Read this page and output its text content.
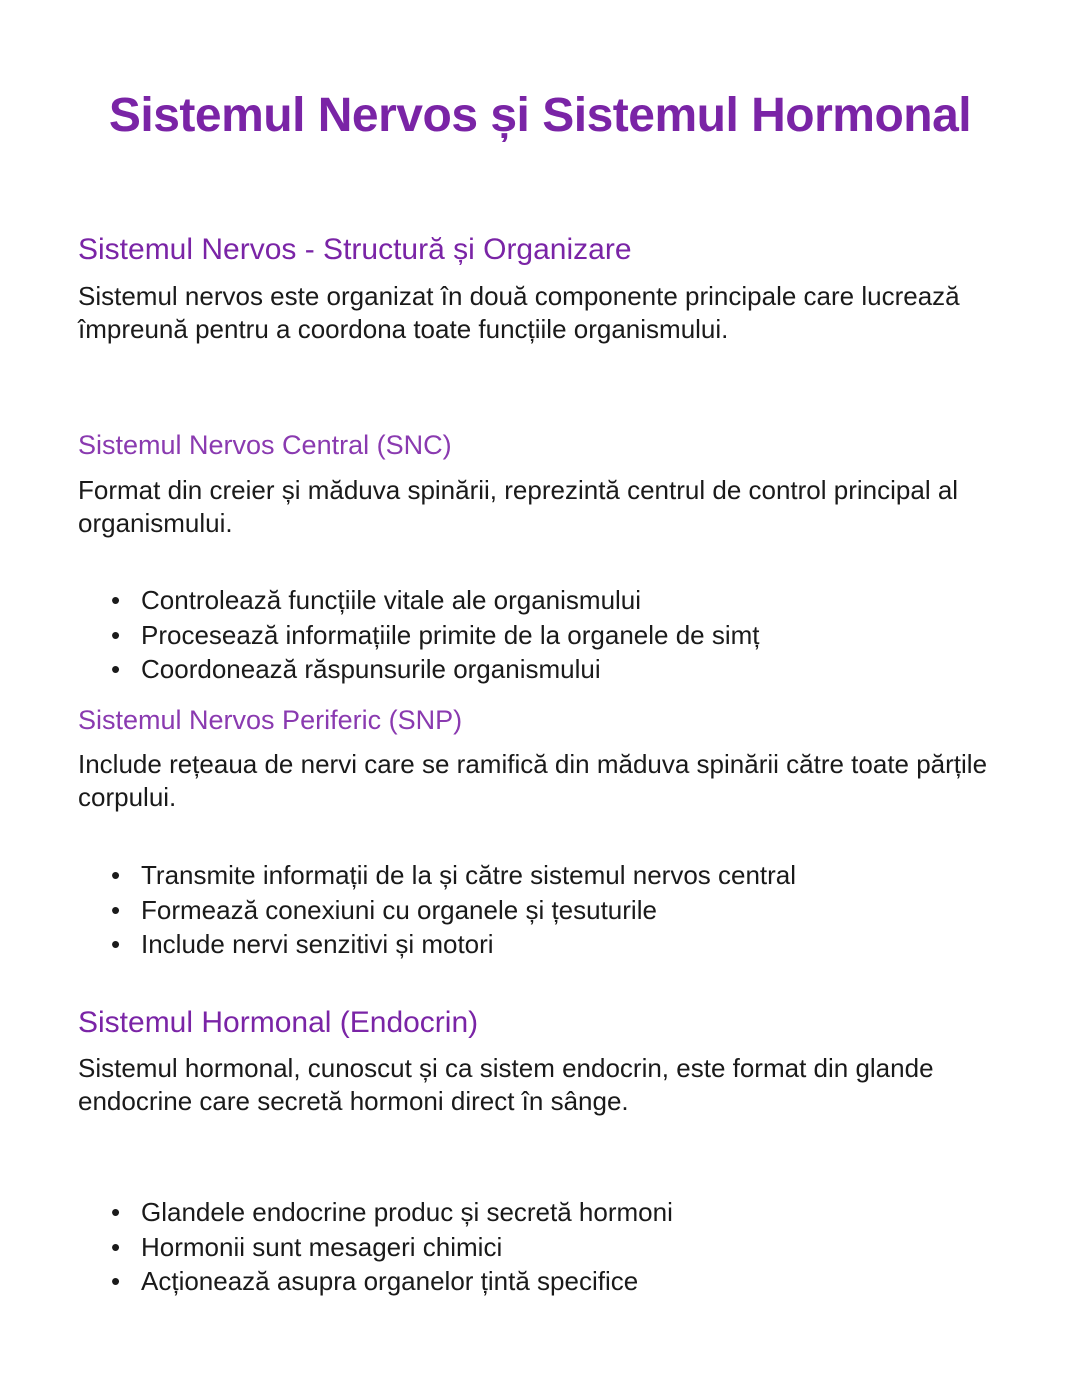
Sistemul Nervos și Sistemul Hormonal
Sistemul Nervos - Structură și Organizare

Sistemul nervos este organizat în două componente principale care lucrează împreună pentru a coordona toate funcțiile organismului.

Sistemul Nervos Central (SNC)

Format din creier și măduva spinării, reprezintă centrul de control principal al organismului.

• Controlează funcțiile vitale ale organismului
• Procesează informațiile primite de la organele de simț
• Coordonează răspunsurile organismului
Sistemul Nervos Periferic (SNP)

Include rețeaua de nervi care se ramifică din măduva spinării către toate părțile corpului.

• Transmite informații de la și către sistemul nervos central
• Formează conexiuni cu organele și țesuturile
• Include nervi senzitivi și motori
Sistemul Hormonal (Endocrin)

Sistemul hormonal, cunoscut și ca sistem endocrin, este format din glande endocrine care secretă hormoni direct în sânge.

• Glandele endocrine produc și secretă hormoni
• Hormonii sunt mesageri chimici
• Acționează asupra organelor țintă specifice
